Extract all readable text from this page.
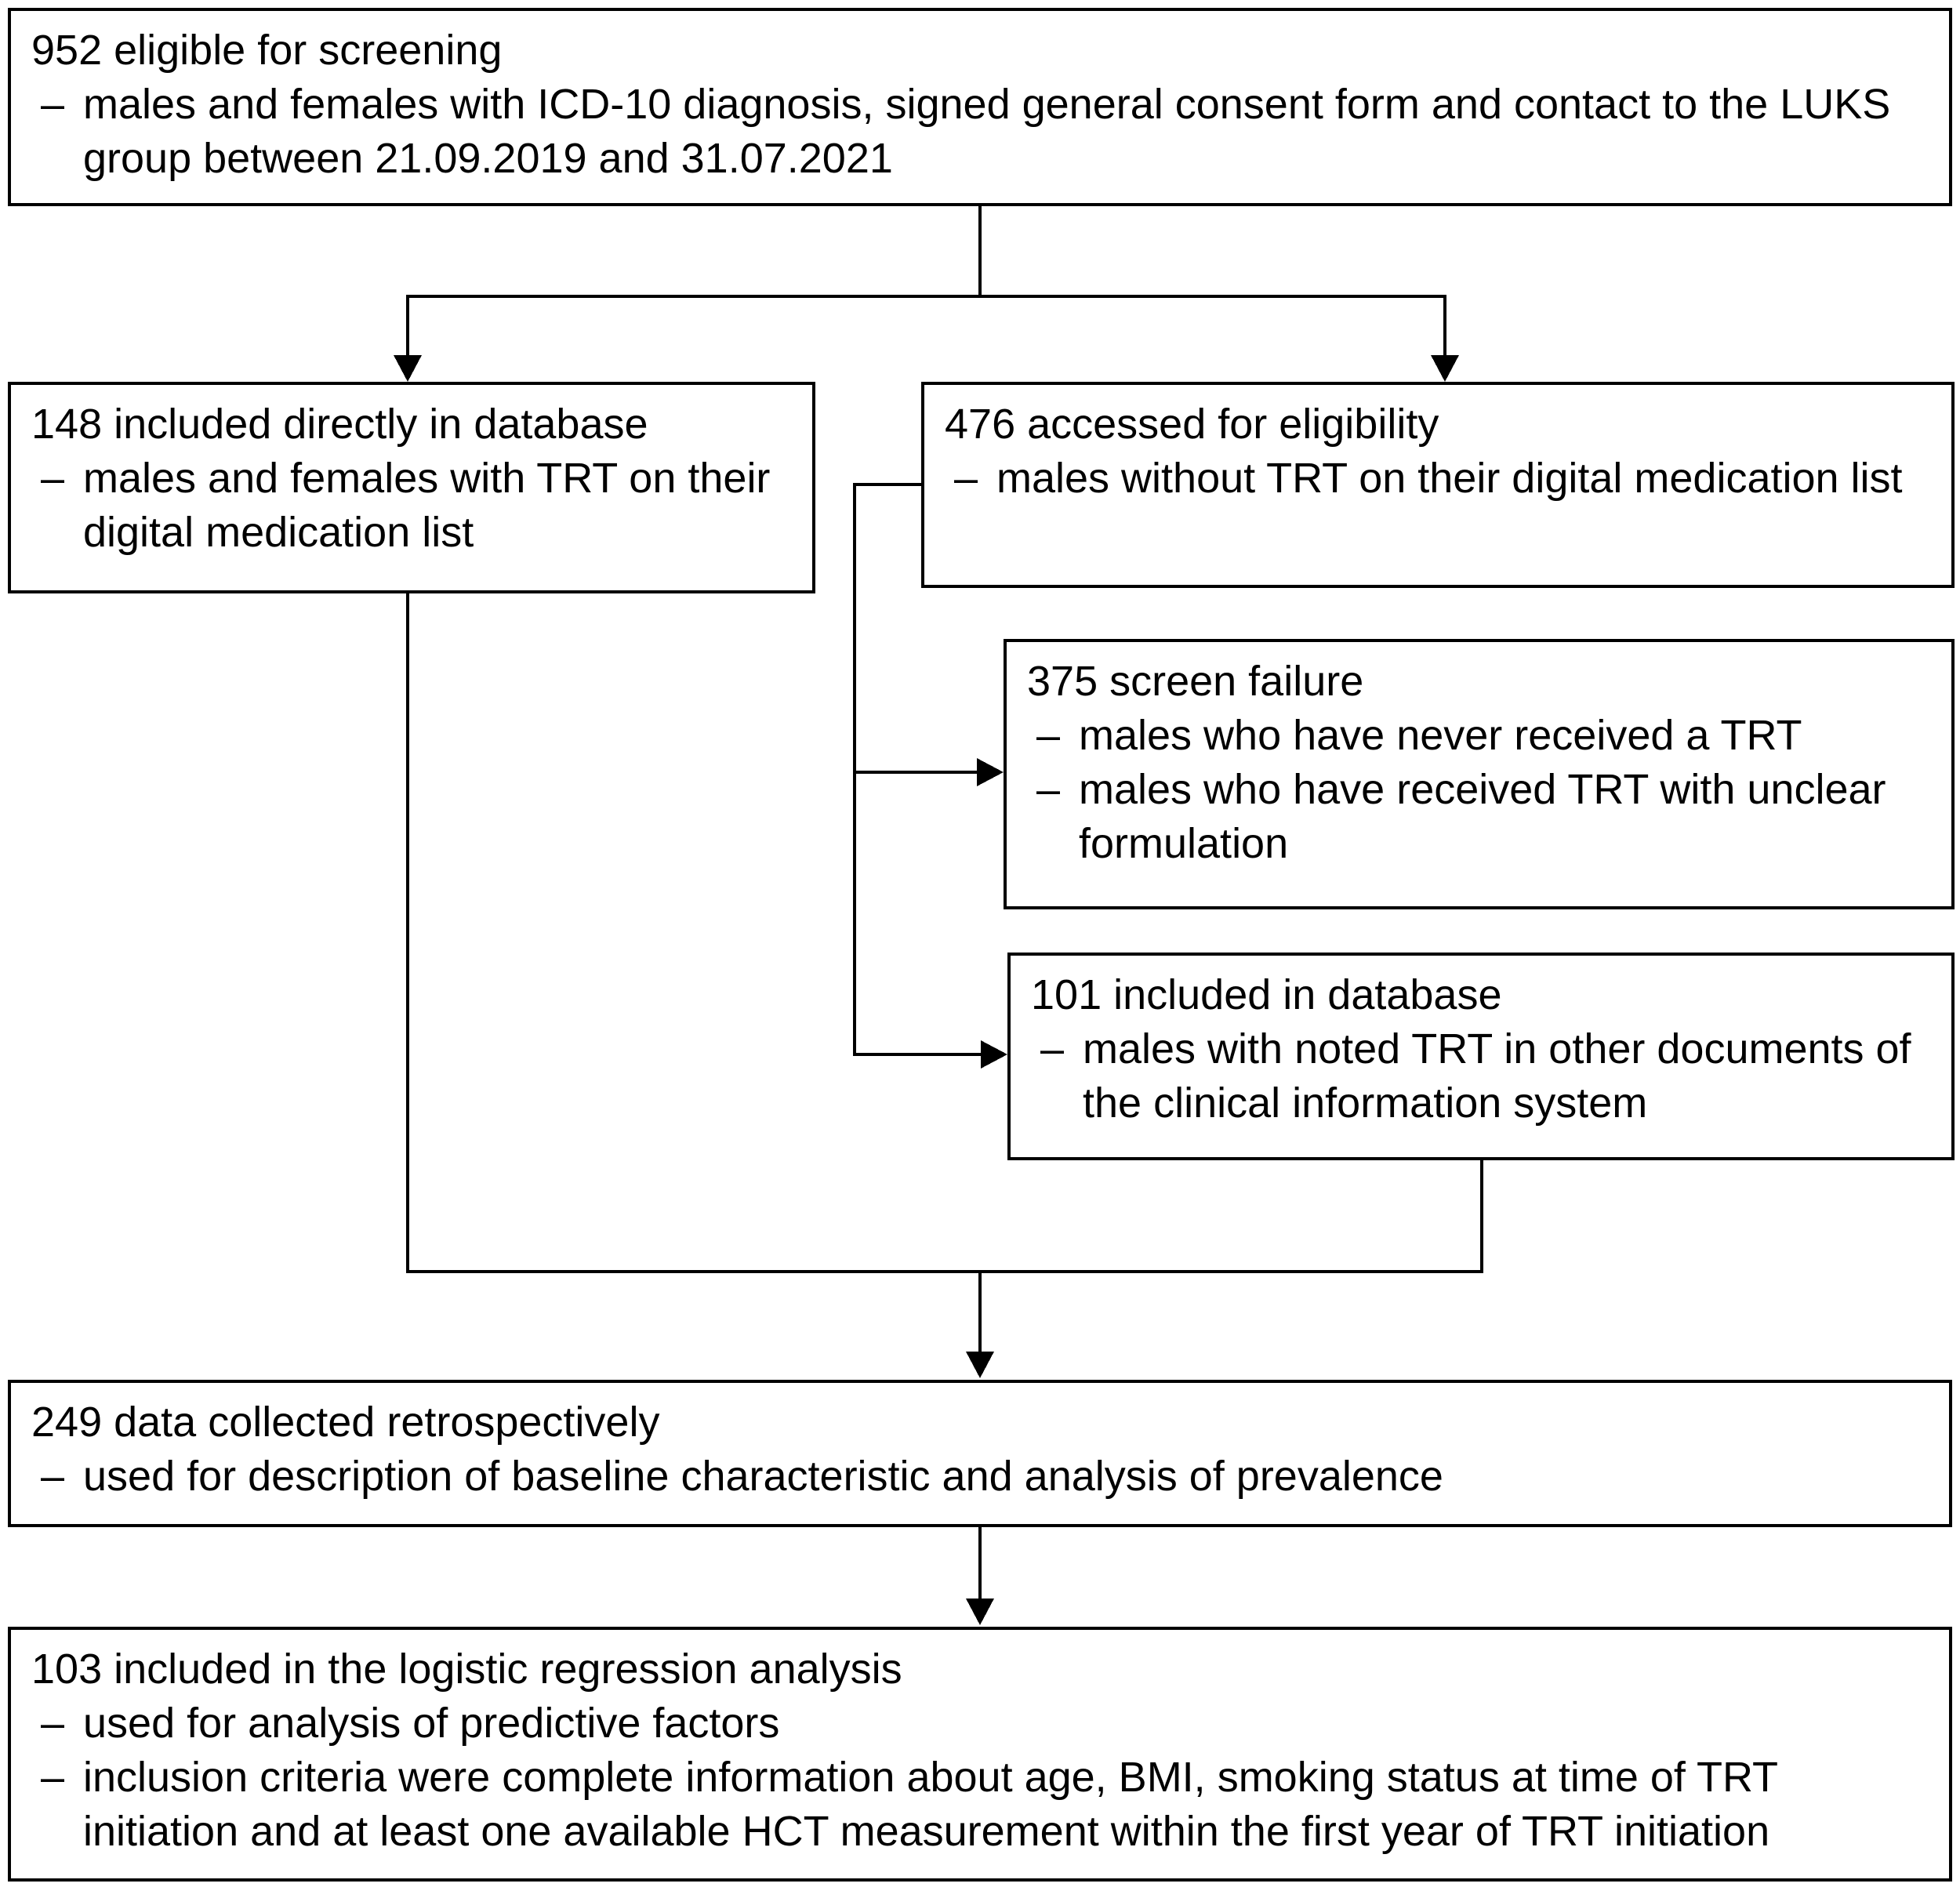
952 eligible for screening
– males and females with ICD-10 diagnosis, signed general consent form and contact to the LUKS group between 21.09.2019 and 31.07.2021
148 included directly in database
– males and females with TRT on their digital medication list
476 accessed for eligibility
– males without TRT on their digital medication list
375 screen failure
– males who have never received a TRT
– males who have received TRT with unclear formulation
101 included in database
– males with noted TRT in other documents of the clinical information system
249 data collected retrospectively
– used for description of baseline characteristic and analysis of prevalence
103 included in the logistic regression analysis
– used for analysis of predictive factors
– inclusion criteria were complete information about age, BMI, smoking status at time of TRT initiation and at least one available HCT measurement within the first year of TRT initiation
